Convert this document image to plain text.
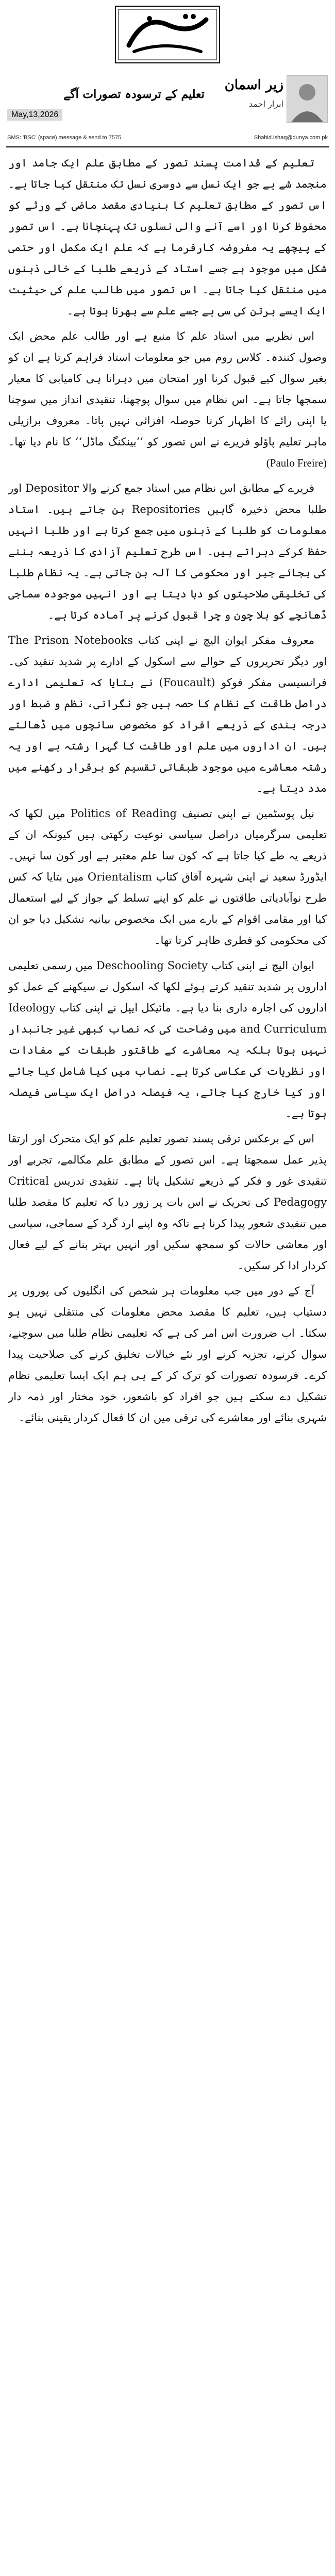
زیر اسمان
ابرار احمد
تعلیم کے ترسودہ تصورات آگے
May,13,2026
SMS: 'BSC' (space) message & send to 7575	Shahid.ishaq@dunya.com.pk

تعلیم کے قدامت پسند تصور کے مطابق علم ایک جامد اور منجمد شے ہے جو ایک نسل سے دوسری نسل تک منتقل کیا جاتا ہے۔ اس تصور کے مطابق تعلیم کا بنیادی مقصد ماضی کے ورثے کو محفوظ کرنا اور اسے آنے والی نسلوں تک پہنچانا ہے۔ اس تصور کے پیچھے یہ مفروضہ کارفرما ہے کہ علم ایک مکمل اور حتمی شکل میں موجود ہے جسے استاد کے ذریعے طلبا کے خالی ذہنوں میں منتقل کیا جاتا ہے۔ اس تصور میں طالب علم کی حیثیت ایک ایسے برتن کی سی ہے جسے علم سے بھرنا ہوتا ہے۔

اس نظریے میں استاد علم کا منبع ہے اور طالب علم محض ایک وصول کنندہ۔ کلاس روم میں جو معلومات استاد فراہم کرتا ہے ان کو بغیر سوال کیے قبول کرنا اور امتحان میں دہرانا ہی کامیابی کا معیار سمجھا جاتا ہے۔ اس نظام میں سوال پوچھنا، تنقیدی انداز میں سوچنا یا اپنی رائے کا اظہار کرنا حوصلہ افزائی نہیں پاتا۔ معروف برازیلی ماہر تعلیم پاؤلو فریرے نے اس تصور کو ’’بینکنگ ماڈل‘‘ کا نام دیا تھا۔ (Paulo Freire)

فریرے کے مطابق اس نظام میں استاد جمع کرنے والا Depositor اور طلبا محض ذخیرہ گاہیں Repositories بن جاتے ہیں۔ استاد معلومات کو طلبا کے ذہنوں میں جمع کرتا ہے اور طلبا انہیں حفظ کرکے دہراتے ہیں۔ اس طرح تعلیم آزادی کا ذریعہ بننے کی بجائے جبر اور محکومی کا آلہ بن جاتی ہے۔ یہ نظام طلبا کی تخلیقی صلاحیتوں کو دبا دیتا ہے اور انہیں موجودہ سماجی ڈھانچے کو بلا چون و چرا قبول کرنے پر آمادہ کرتا ہے۔

معروف مفکر ایوان الیچ نے اپنی کتاب The Prison Notebooks اور دیگر تحریروں کے حوالے سے اسکول کے ادارے پر شدید تنقید کی۔ فرانسیسی مفکر فوکو (Foucault) نے بتایا کہ تعلیمی ادارے دراصل طاقت کے نظام کا حصہ ہیں جو نگرانی، نظم و ضبط اور درجہ بندی کے ذریعے افراد کو مخصوص سانچوں میں ڈھالتے ہیں۔ ان اداروں میں علم اور طاقت کا گہرا رشتہ ہے اور یہ رشتہ معاشرے میں موجود طبقاتی تقسیم کو برقرار رکھنے میں مدد دیتا ہے۔

نیل پوسٹمین نے اپنی تصنیف Politics of Reading میں لکھا کہ تعلیمی سرگرمیاں دراصل سیاسی نوعیت رکھتی ہیں کیونکہ ان کے ذریعے یہ طے کیا جاتا ہے کہ کون سا علم معتبر ہے اور کون سا نہیں۔ ایڈورڈ سعید نے اپنی شہرہ آفاق کتاب Orientalism میں بتایا کہ کس طرح نوآبادیاتی طاقتوں نے علم کو اپنے تسلط کے جواز کے لیے استعمال کیا اور مقامی اقوام کے بارے میں ایک مخصوص بیانیہ تشکیل دیا جو ان کی محکومی کو فطری ظاہر کرتا تھا۔

ایوان الیچ نے اپنی کتاب Deschooling Society میں رسمی تعلیمی اداروں پر شدید تنقید کرتے ہوئے لکھا کہ اسکول نے سیکھنے کے عمل کو اداروں کی اجارہ داری بنا دیا ہے۔ مائیکل ایپل نے اپنی کتاب Ideology and Curriculum میں وضاحت کی کہ نصاب کبھی غیر جانبدار نہیں ہوتا بلکہ یہ معاشرے کے طاقتور طبقات کے مفادات اور نظریات کی عکاسی کرتا ہے۔ نصاب میں کیا شامل کیا جائے اور کیا خارج کیا جائے، یہ فیصلہ دراصل ایک سیاسی فیصلہ ہوتا ہے۔

اس کے برعکس ترقی پسند تصور تعلیم علم کو ایک متحرک اور ارتقا پذیر عمل سمجھتا ہے۔ اس تصور کے مطابق علم مکالمے، تجربے اور تنقیدی غور و فکر کے ذریعے تشکیل پاتا ہے۔ تنقیدی تدریس Critical Pedagogy کی تحریک نے اس بات پر زور دیا کہ تعلیم کا مقصد طلبا میں تنقیدی شعور پیدا کرنا ہے تاکہ وہ اپنے ارد گرد کے سماجی، سیاسی اور معاشی حالات کو سمجھ سکیں اور انہیں بہتر بنانے کے لیے فعال کردار ادا کر سکیں۔

آج کے دور میں جب معلومات ہر شخص کی انگلیوں کی پوروں پر دستیاب ہیں، تعلیم کا مقصد محض معلومات کی منتقلی نہیں ہو سکتا۔ اب ضرورت اس امر کی ہے کہ تعلیمی نظام طلبا میں سوچنے، سوال کرنے، تجزیہ کرنے اور نئے خیالات تخلیق کرنے کی صلاحیت پیدا کرے۔ فرسودہ تصورات کو ترک کر کے ہی ہم ایک ایسا تعلیمی نظام تشکیل دے سکتے ہیں جو افراد کو باشعور، خود مختار اور ذمہ دار شہری بنائے اور معاشرے کی ترقی میں ان کا فعال کردار یقینی بنائے۔
